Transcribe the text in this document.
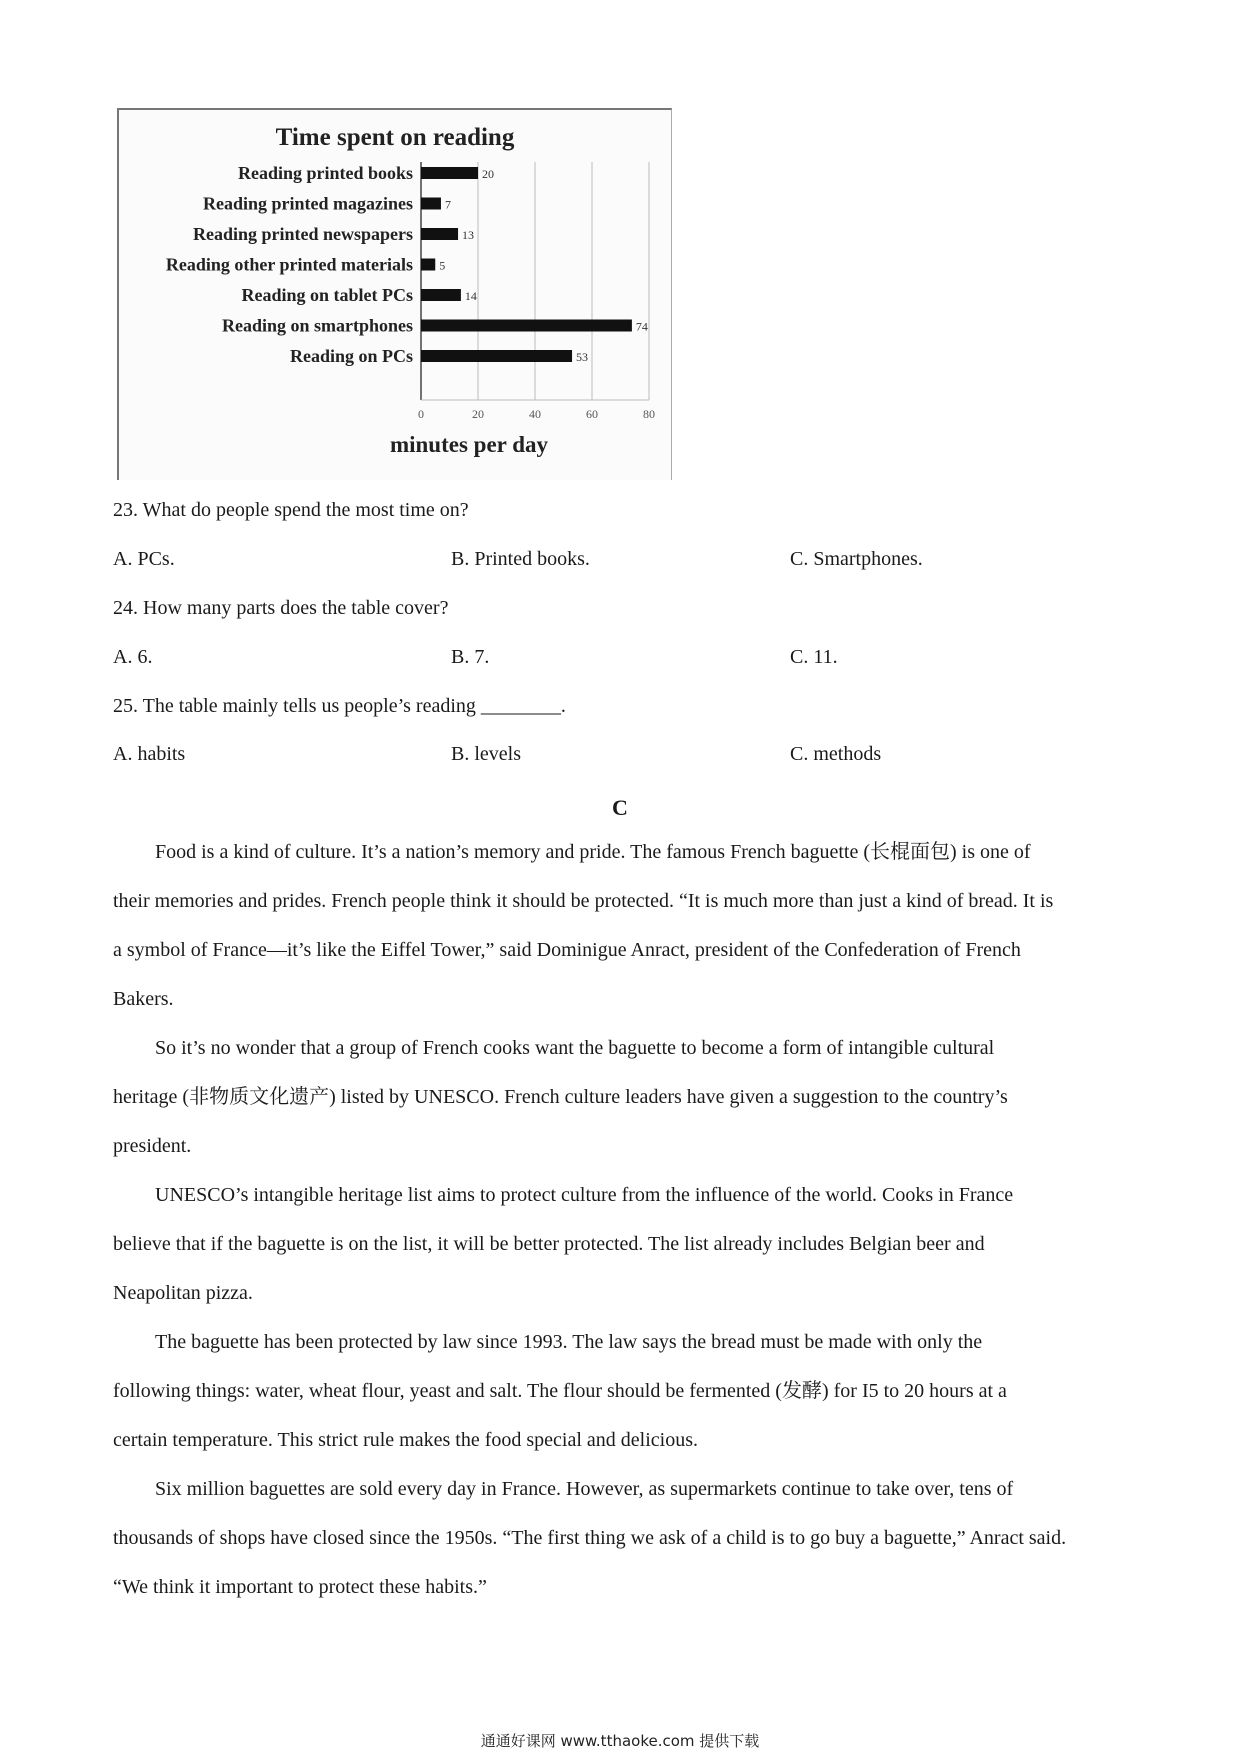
Time spent on reading
0	20	40	60	80
Reading printed books	20
Reading printed magazines	7
Reading printed newspapers	13
Reading other printed materials 5
Reading on tablet PCs	14
Reading on smartphones	74
Reading on PCs	53
minutes per day
23. What do people spend the most time on?
A. PCs.	B. Printed books.	C. Smartphones.
24. How many parts does the table cover?
A. 6.	B. 7.	C. 11.
25. The table mainly tells us people’s reading ________.
A. habits	B. levels	C. methods
C
Food is a kind of culture. It’s a nation’s memory and pride. The famous French baguette (长棍面包) is one of
their memories and prides. French people think it should be protected. “It is much more than just a kind of bread. It is
a symbol of France—it’s like the Eiffel Tower,” said Dominigue Anract, president of the Confederation of French
Bakers.
So it’s no wonder that a group of French cooks want the baguette to become a form of intangible cultural
heritage (非物质文化遗产) listed by UNESCO. French culture leaders have given a suggestion to the country’s
president.
UNESCO’s intangible heritage list aims to protect culture from the influence of the world. Cooks in France
believe that if the baguette is on the list, it will be better protected. The list already includes Belgian beer and
Neapolitan pizza.
The baguette has been protected by law since 1993. The law says the bread must be made with only the
following things: water, wheat flour, yeast and salt. The flour should be fermented (发酵) for I5 to 20 hours at a
certain temperature. This strict rule makes the food special and delicious.
Six million baguettes are sold every day in France. However, as supermarkets continue to take over, tens of
thousands of shops have closed since the 1950s. “The first thing we ask of a child is to go buy a baguette,” Anract said.
“We think it important to protect these habits.”
通通好课网 www.tthaoke.com 提供下载
